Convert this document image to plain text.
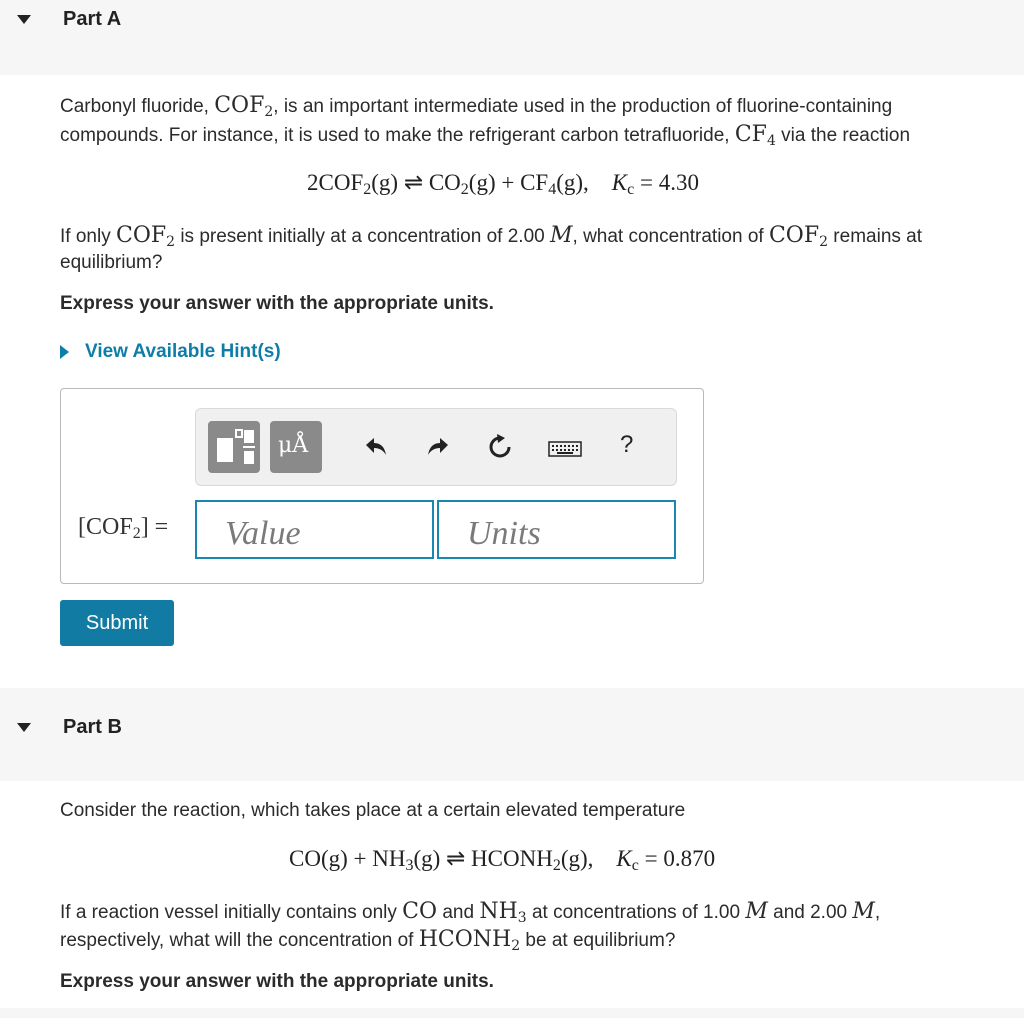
Part A
Carbonyl fluoride, $COF_2$, is an important intermediate used in the production of fluorine-containing
compounds. For instance, it is used to make the refrigerant carbon tetrafluoride, $CF_4$ via the reaction
2COF2(g) ⇌ CO2(g) + CF4(g), Kc = 4.30
If only $COF_2$ is present initially at a concentration of 2.00 M, what concentration of $COF_2$ remains at
equilibrium?
Express your answer with the appropriate units.
View Available Hint(s)
μÅ	?
[COF2] =
Value
Units
Submit
Part B
Consider the reaction, which takes place at a certain elevated temperature
CO(g) + NH3(g) ⇌ HCONH2(g), Kc = 0.870
If a reaction vessel initially contains only CO and $NH_3$ at concentrations of 1.00 M and 2.00 M,
respectively, what will the concentration of $HCONH_2$ be at equilibrium?
Express your answer with the appropriate units.
